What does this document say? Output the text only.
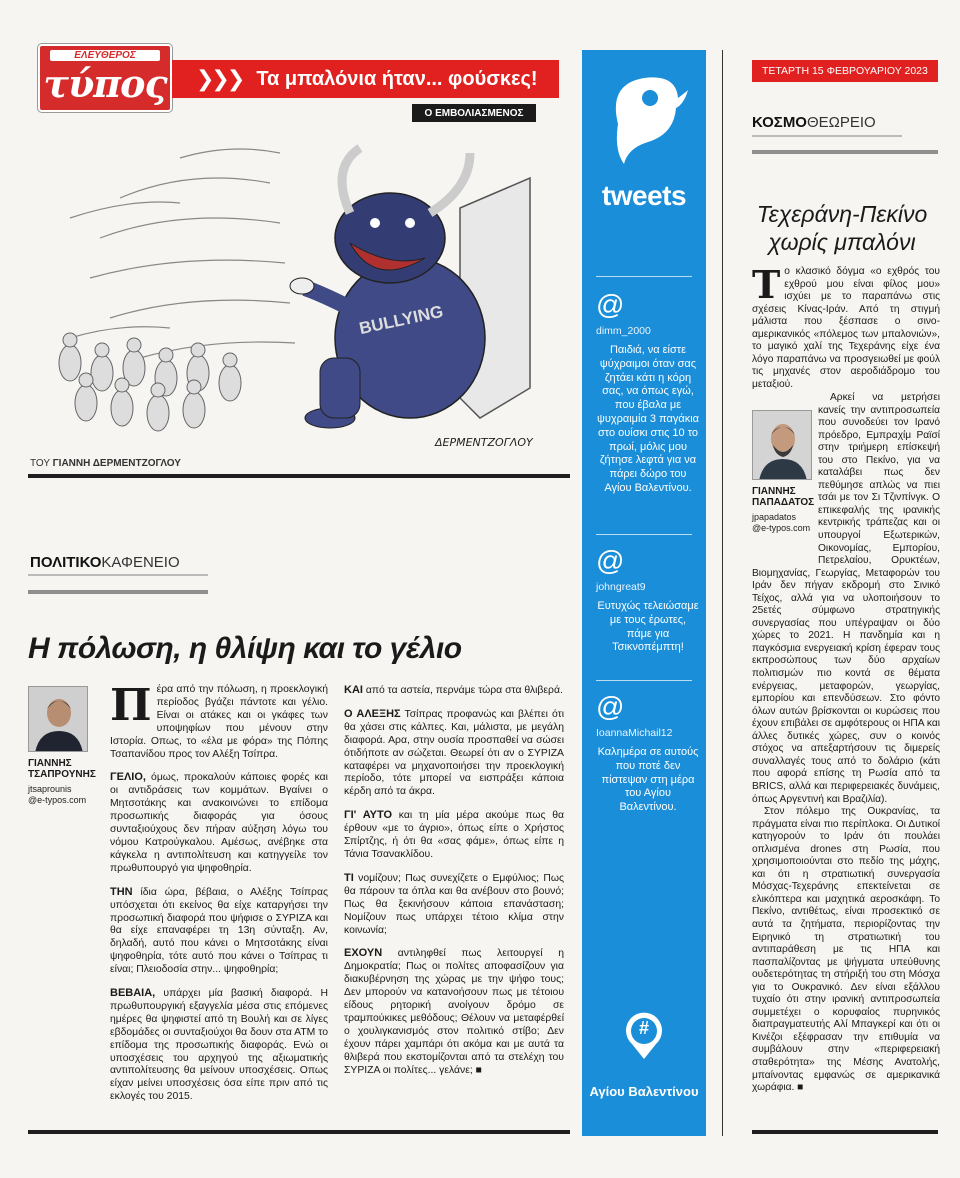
ΕΛΕΥΘΕΡΟΣ
τύπος ❯❯❯ Τα μπαλόνια ήταν... φούσκες!
Ο ΕΜΒΟΛΙΑΣΜΕΝΟΣ
BULLYING
ΔΕΡΜΕΝΤΖΟΓΛΟΥ
ΤΟΥ ΓΙΑΝΝΗ ΔΕΡΜΕΝΤΖΟΓΛΟΥ
ΠΟΛΙΤΙΚΟΚΑΦΕΝΕΙΟ
Η πόλωση, η θλίψη και το γέλιο
ΓΙΑΝΝΗΣ
ΤΣΑΠΡΟΥΝΗΣ
jtsaprounis
@e-typos.com

Πέρα από την πόλωση, η προεκλογική περίοδος βγάζει πάντοτε και γέλιο. Είναι οι ατάκες και οι γκάφες των υποψηφίων που μένουν στην Ιστορία. Οπως, το «έλα με φόρα» της Πόπης Τσαπανίδου προς τον Αλέξη Τσίπρα.

ΓΕΛΙΟ, όμως, προκαλούν κάποιες φορές και οι αντιδράσεις των κομμάτων. Βγαίνει ο Μητσοτάκης και ανακοινώνει το επίδομα προσωπικής διαφοράς για όσους συνταξιούχους δεν πήραν αύξηση λόγω του νόμου Κατρούγκαλου. Αμέσως, ανέβηκε στα κάγκελα η αντιπολίτευση και κατηγγείλε τον πρωθυπουργό για ψηφοθηρία.

ΤΗΝ ίδια ώρα, βέβαια, ο Αλέξης Τσίπρας υπόσχεται ότι εκείνος θα είχε καταργήσει την προσωπική διαφορά που ψήφισε ο ΣΥΡΙΖΑ και θα είχε επαναφέρει τη 13η σύνταξη. Αν, δηλαδή, αυτό που κάνει ο Μητσοτάκης είναι ψηφοθηρία, τότε αυτό που κάνει ο Τσίπρας τι είναι; Πλειοδοσία στην... ψηφοθηρία;

ΒΕΒΑΙΑ, υπάρχει μία βασική διαφορά. Η πρωθυπουργική εξαγγελία μέσα στις επόμενες ημέρες θα ψηφιστεί από τη Βουλή και σε λίγες εβδομάδες οι συνταξιούχοι θα δουν στα ΑΤΜ το επίδομα της προσωπικής διαφοράς. Ενώ οι υποσχέσεις του αρχηγού της αξιωματικής αντιπολίτευσης θα μείνουν υποσχέσεις. Οπως είχαν μείνει υποσχέσεις όσα είπε πριν από τις εκλογές του 2015.

ΚΑΙ από τα αστεία, περνάμε τώρα στα θλιβερά.

Ο ΑΛΕΞΗΣ Τσίπρας προφανώς και βλέπει ότι θα χάσει στις κάλπες. Και, μάλιστα, με μεγάλη διαφορά. Αρα, στην ουσία προσπαθεί να σώσει ότιδήποτε αν σώζεται. Θεωρεί ότι αν ο ΣΥΡΙΖΑ καταφέρει να μηχανοποιήσει την προεκλογική περίοδο, τότε μπορεί να εισπράξει κάποια κέρδη από τα άκρα.

ΓΙ' ΑΥΤΟ και τη μία μέρα ακούμε πως θα έρθουν «με το άγριο», όπως είπε ο Χρήστος Σπίρτζης, ή ότι θα «σας φάμε», όπως είπε η Τάνια Τσανακλίδου.

ΤΙ νομίζουν; Πως συνεχίζετε ο Εμφύλιος; Πως θα πάρουν τα όπλα και θα ανέβουν στο βουνό; Πως θα ξεκινήσουν κάποια επανάσταση; Νομίζουν πως υπάρχει τέτοιο κλίμα στην κοινωνία;

ΕΧΟΥΝ αντιληφθεί πως λειτουργεί η Δημοκρατία; Πως οι πολίτες αποφασίζουν για διακυβέρνηση της χώρας με την ψήφο τους; Δεν μπορούν να κατανοήσουν πως με τέτοιου είδους ρητορική ανοίγουν δρόμο σε τραμπούκικες μεθόδους; Θέλουν να μεταφέρθεί ο χουλιγκανισμός στον πολιτικό στίβο; Δεν έχουν πάρει χαμπάρι ότι ακόμα και με αυτά τα θλιβερά που εκστομίζονται από τα στελέχη του ΣΥΡΙΖΑ οι πολίτες... γελάνε; ■

tweets
@
dimm_2000
Παιδιά, να είστε ψύχραιμοι όταν σας ζητάει κάτι η κόρη σας, να όπως εγώ, που έβαλα με ψυχραιμία 3 παγάκια στο ουίσκι στις 10 το πρωί, μόλις μου ζήτησε λεφτά για να πάρει δώρο του Αγίου Βαλεντίνου.
@
johngreat9
Ευτυχώς τελειώσαμε με τους έρωτες, πάμε για Τσικνοπέμπτη!
@
IoannaMichail12
Καλημέρα σε αυτούς που ποτέ δεν πίστεψαν στη μέρα του Αγίου Βαλεντίνου.
#
Αγίου Βαλεντίνου
ΤΕΤΑΡΤΗ 15 ΦΕΒΡΟΥΑΡΙΟΥ 2023
ΚΟΣΜΟΘΕΩΡΕΙΟ
Τεχεράνη-Πεκίνο
χωρίς μπαλόνι
Το κλασικό δόγμα «ο εχθρός του εχθρού μου είναι φίλος μου» ισχύει με το παραπάνω στις σχέσεις Κίνας-Ιράν. Από τη στιγμή μάλιστα που ξέσπασε ο σινο-αμερικανικός «πόλεμος των μπαλονιών», το μαγικό χαλί της Τεχεράνης είχε ένα λόγο παραπάνω να προσγειωθεί με φούλ τις μηχανές στον αεροδιάδρομο του μεταξιού.
ΓΙΑΝΝΗΣ
ΠΑΠΑΔΑΤΟΣ
jpapadatos
@e-typos.com

Αρκεί να μετρήσει κανείς την αντιπροσωπεία που συνοδεύει τον Ιρανό πρόεδρο, Εμπραχίμ Ραϊσί στην τριήμερη επίσκεψή του στο Πεκίνο, για να καταλάβει πως δεν πεθύμησε απλώς να πιει τσάι με τον Σι Τζινπίνγκ. Ο επικεφαλής της ιρανικής κεντρικής τράπεζας και οι υπουργοί Εξωτερικών, Οικονομίας, Εμπορίου, Πετρελαίου, Ορυκτέων, Βιομηχανίας, Γεωργίας, Μεταφορών του Ιράν δεν πήγαν εκδρομή στο Σινικό Τείχος, αλλά για να υλοποιήσουν το 25ετές σύμφωνο στρατηγικής συνεργασίας που υπέγραψαν οι δύο χώρες το 2021. Η πανδημία και η παγκόσμια ενεργειακή κρίση έφεραν τους εκπροσώπους των δύο αρχαίων πολιτισμών πιο κοντά σε θέματα ενέργειας, μεταφορών, γεωργίας, εμπορίου και επενδύσεων. Στο φόντο όλων αυτών βρίσκονται οι κυρώσεις που έχουν επιβάλει σε αμφότερους οι ΗΠΑ και άλλες δυτικές χώρες, συν ο κοινός στόχος να απεξαρτήσουν τις διμερείς συναλλαγές τους από το δολάριο (κάτι που αφορά επίσης τη Ρωσία από τα BRICS, αλλά και περιφερειακές δυνάμεις, όπως Αργεντινή και Βραζιλία).

Στον πόλεμο της Ουκρανίας, τα πράγματα είναι πιο περίπλοκα. Οι Δυτικοί κατηγορούν το Ιράν ότι πουλάει οπλισμένα drones στη Ρωσία, που χρησιμοποιούνται στο πεδίο της μάχης, και ότι η στρατιωτική συνεργασία Μόσχας-Τεχεράνης επεκτείνεται σε ελικόπτερα και μαχητικά αεροσκάφη. Το Πεκίνο, αντιθέτως, είναι προσεκτικό σε αυτά τα ζητήματα, περιορίζοντας την Ειρηνικό τη στρατιωτική του αντιπαράθεση με τις ΗΠΑ και πασπαλίζοντας με ψήγματα υπεύθυνης ουδετερότητας τη στήριξή του στη Μόσχα για το Ουκρανικό. Δεν είναι εξάλλου τυχαίο ότι στην ιρανική αντιπροσωπεία συμμετέχει ο κορυφαίος πυρηνικός διαπραγματευτής Αλί Μπαγκερί και ότι οι Κινέζοι εξέφρασαν την επιθυμία να συμβάλουν στην «περιφερειακή σταθερότητα» της Μέσης Ανατολής, μπαίνοντας εμφανώς σε αμερικανικά χωράφια. ■
